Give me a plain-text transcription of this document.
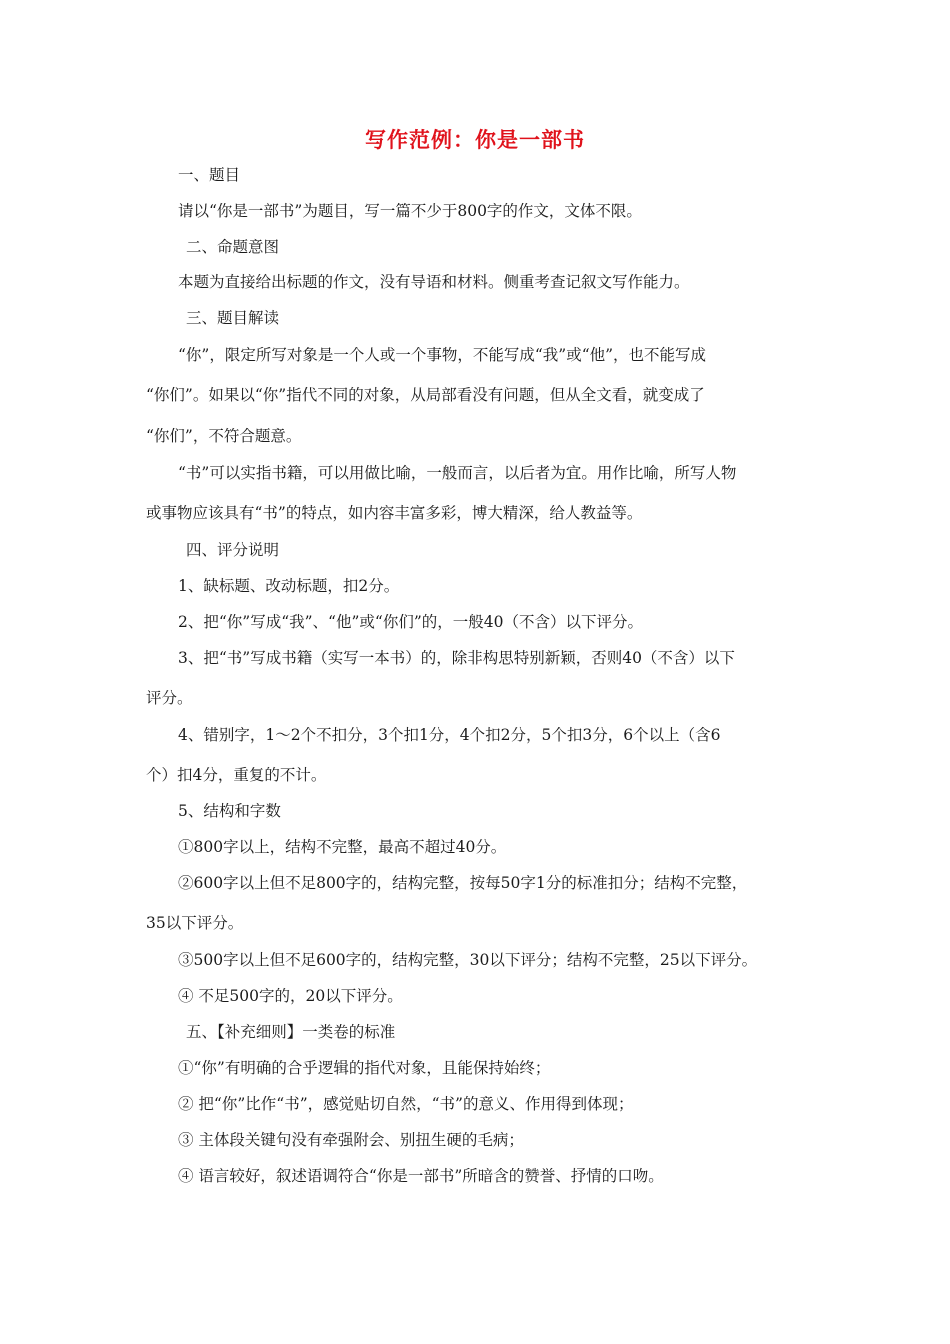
写作范例：你是一部书
一、题目
请以“你是一部书”为题目，写一篇不少于800字的作文，文体不限。
二、命题意图
本题为直接给出标题的作文，没有导语和材料。侧重考查记叙文写作能力。
三、题目解读
“你”，限定所写对象是一个人或一个事物，不能写成“我”或“他”，也不能写成
“你们”。如果以“你”指代不同的对象，从局部看没有问题，但从全文看，就变成了
“你们”，不符合题意。
“书”可以实指书籍，可以用做比喻，一般而言，以后者为宜。用作比喻，所写人物
或事物应该具有“书”的特点，如内容丰富多彩，博大精深，给人教益等。
四、评分说明
1、缺标题、改动标题，扣2分。
2、把“你”写成“我”、“他”或“你们”的，一般40（不含）以下评分。
3、把“书”写成书籍（实写一本书）的，除非构思特别新颖，否则40（不含）以下
评分。
4、错别字，1～2个不扣分，3个扣1分，4个扣2分，5个扣3分，6个以上（含6
个）扣4分，重复的不计。
5、结构和字数
①800字以上，结构不完整，最高不超过40分。
②600字以上但不足800字的，结构完整，按每50字1分的标准扣分；结构不完整，
35以下评分。
③500字以上但不足600字的，结构完整，30以下评分；结构不完整，25以下评分。
④ 不足500字的，20以下评分。
五、【补充细则】一类卷的标准
①“你”有明确的合乎逻辑的指代对象，且能保持始终；
② 把“你”比作“书”，感觉贴切自然，“书”的意义、作用得到体现；
③ 主体段关键句没有牵强附会、别扭生硬的毛病；
④ 语言较好，叙述语调符合“你是一部书”所暗含的赞誉、抒情的口吻。
